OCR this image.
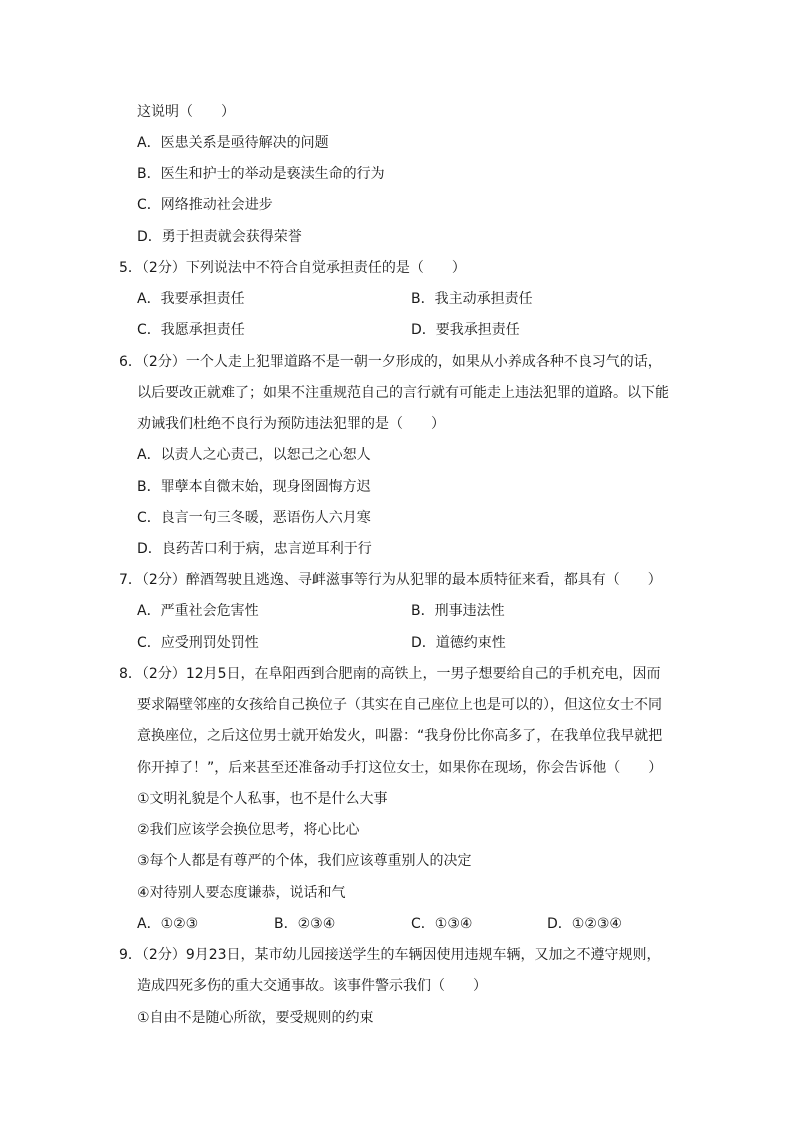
这说明（　　）
A．医患关系是亟待解决的问题
B．医生和护士的举动是亵渎生命的行为
C．网络推动社会进步
D．勇于担责就会获得荣誉
5．（2分）下列说法中不符合自觉承担责任的是（　　）
A．我要承担责任	B．我主动承担责任
C．我愿承担责任	D．要我承担责任
6．（2分）一个人走上犯罪道路不是一朝一夕形成的，如果从小养成各种不良习气的话，
以后要改正就难了；如果不注重规范自己的言行就有可能走上违法犯罪的道路。以下能
劝诫我们杜绝不良行为预防违法犯罪的是（　　）
A．以责人之心责己，以恕己之心恕人
B．罪孽本自微末始，现身囹圄悔方迟
C．良言一句三冬暖，恶语伤人六月寒
D．良药苦口利于病，忠言逆耳利于行
7．（2分）醉酒驾驶且逃逸、寻衅滋事等行为从犯罪的最本质特征来看，都具有（　　）
A．严重社会危害性	B．刑事违法性
C．应受刑罚处罚性	D．道德约束性
8．（2分）12月5日，在阜阳西到合肥南的高铁上，一男子想要给自己的手机充电，因而
要求隔壁邻座的女孩给自己换位子（其实在自己座位上也是可以的），但这位女士不同
意换座位，之后这位男士就开始发火，叫嚣：“我身份比你高多了，在我单位我早就把
你开掉了！”，后来甚至还准备动手打这位女士，如果你在现场，你会告诉他（　　）
①文明礼貌是个人私事，也不是什么大事
②我们应该学会换位思考，将心比心
③每个人都是有尊严的个体，我们应该尊重别人的决定
④对待别人要态度谦恭，说话和气
A．①②③	B．②③④	C．①③④	D．①②③④
9．（2分）9月23日，某市幼儿园接送学生的车辆因使用违规车辆，又加之不遵守规则，
造成四死多伤的重大交通事故。该事件警示我们（　　）
①自由不是随心所欲，要受规则的约束
